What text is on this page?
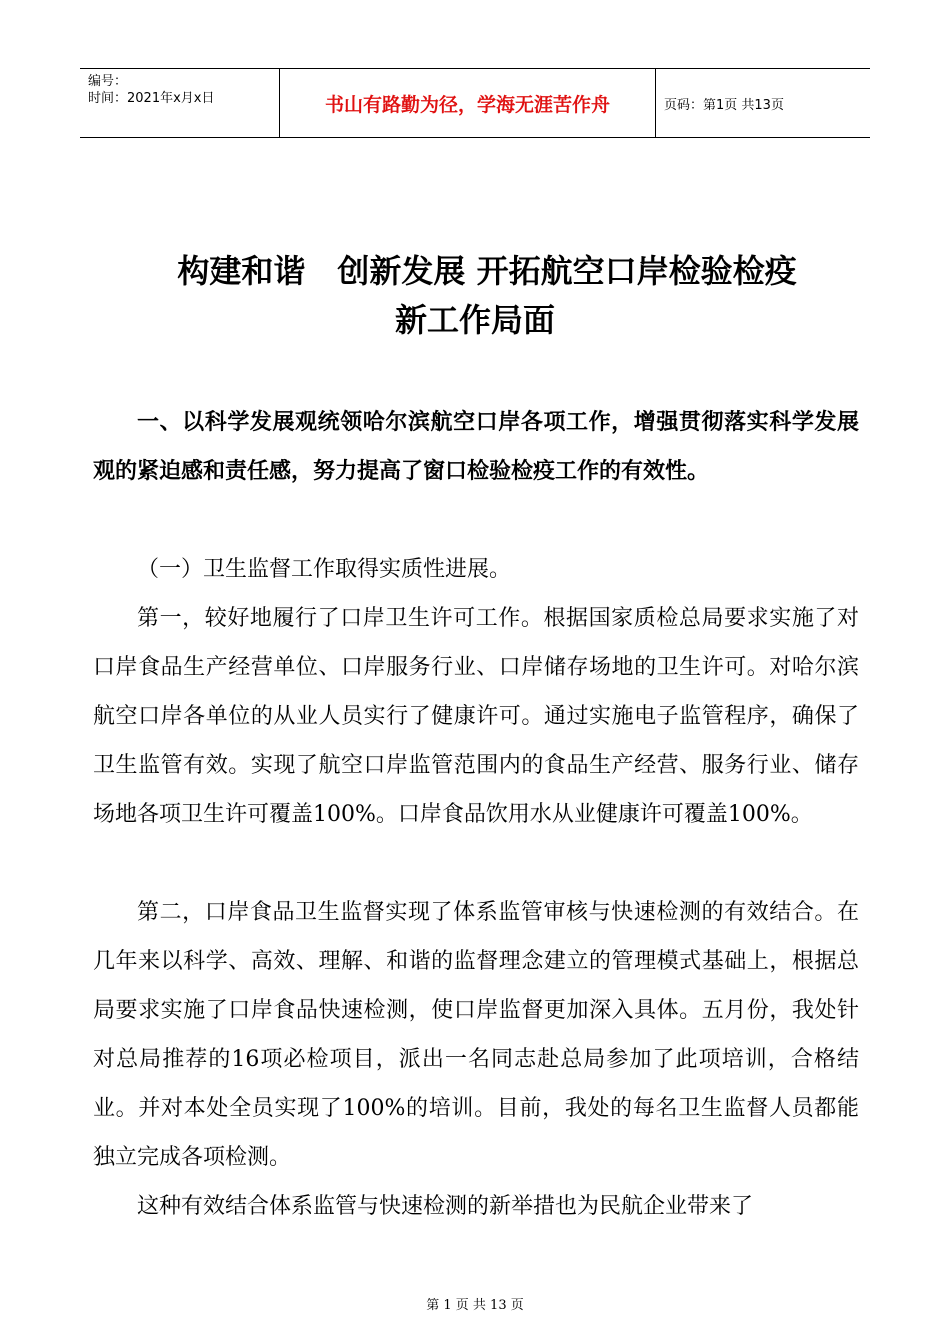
编号：
时间：2021年x月x日	书山有路勤为径，学海无涯苦作舟	页码：第1页 共13页
构建和谐　创新发展 开拓航空口岸检验检疫
新工作局面
一、以科学发展观统领哈尔滨航空口岸各项工作，增强贯彻落实科学发展观的紧迫感和责任感，努力提高了窗口检验检疫工作的有效性。
（一）卫生监督工作取得实质性进展。
第一，较好地履行了口岸卫生许可工作。根据国家质检总局要求实施了对口岸食品生产经营单位、口岸服务行业、口岸储存场地的卫生许可。对哈尔滨航空口岸各单位的从业人员实行了健康许可。通过实施电子监管程序，确保了卫生监管有效。实现了航空口岸监管范围内的食品生产经营、服务行业、储存场地各项卫生许可覆盖100%。口岸食品饮用水从业健康许可覆盖100%。
第二，口岸食品卫生监督实现了体系监管审核与快速检测的有效结合。在几年来以科学、高效、理解、和谐的监督理念建立的管理模式基础上，根据总局要求实施了口岸食品快速检测，使口岸监督更加深入具体。五月份，我处针对总局推荐的16项必检项目，派出一名同志赴总局参加了此项培训，合格结业。并对本处全员实现了100%的培训。目前，我处的每名卫生监督人员都能独立完成各项检测。
这种有效结合体系监管与快速检测的新举措也为民航企业带来了
第 1 页 共 13 页
